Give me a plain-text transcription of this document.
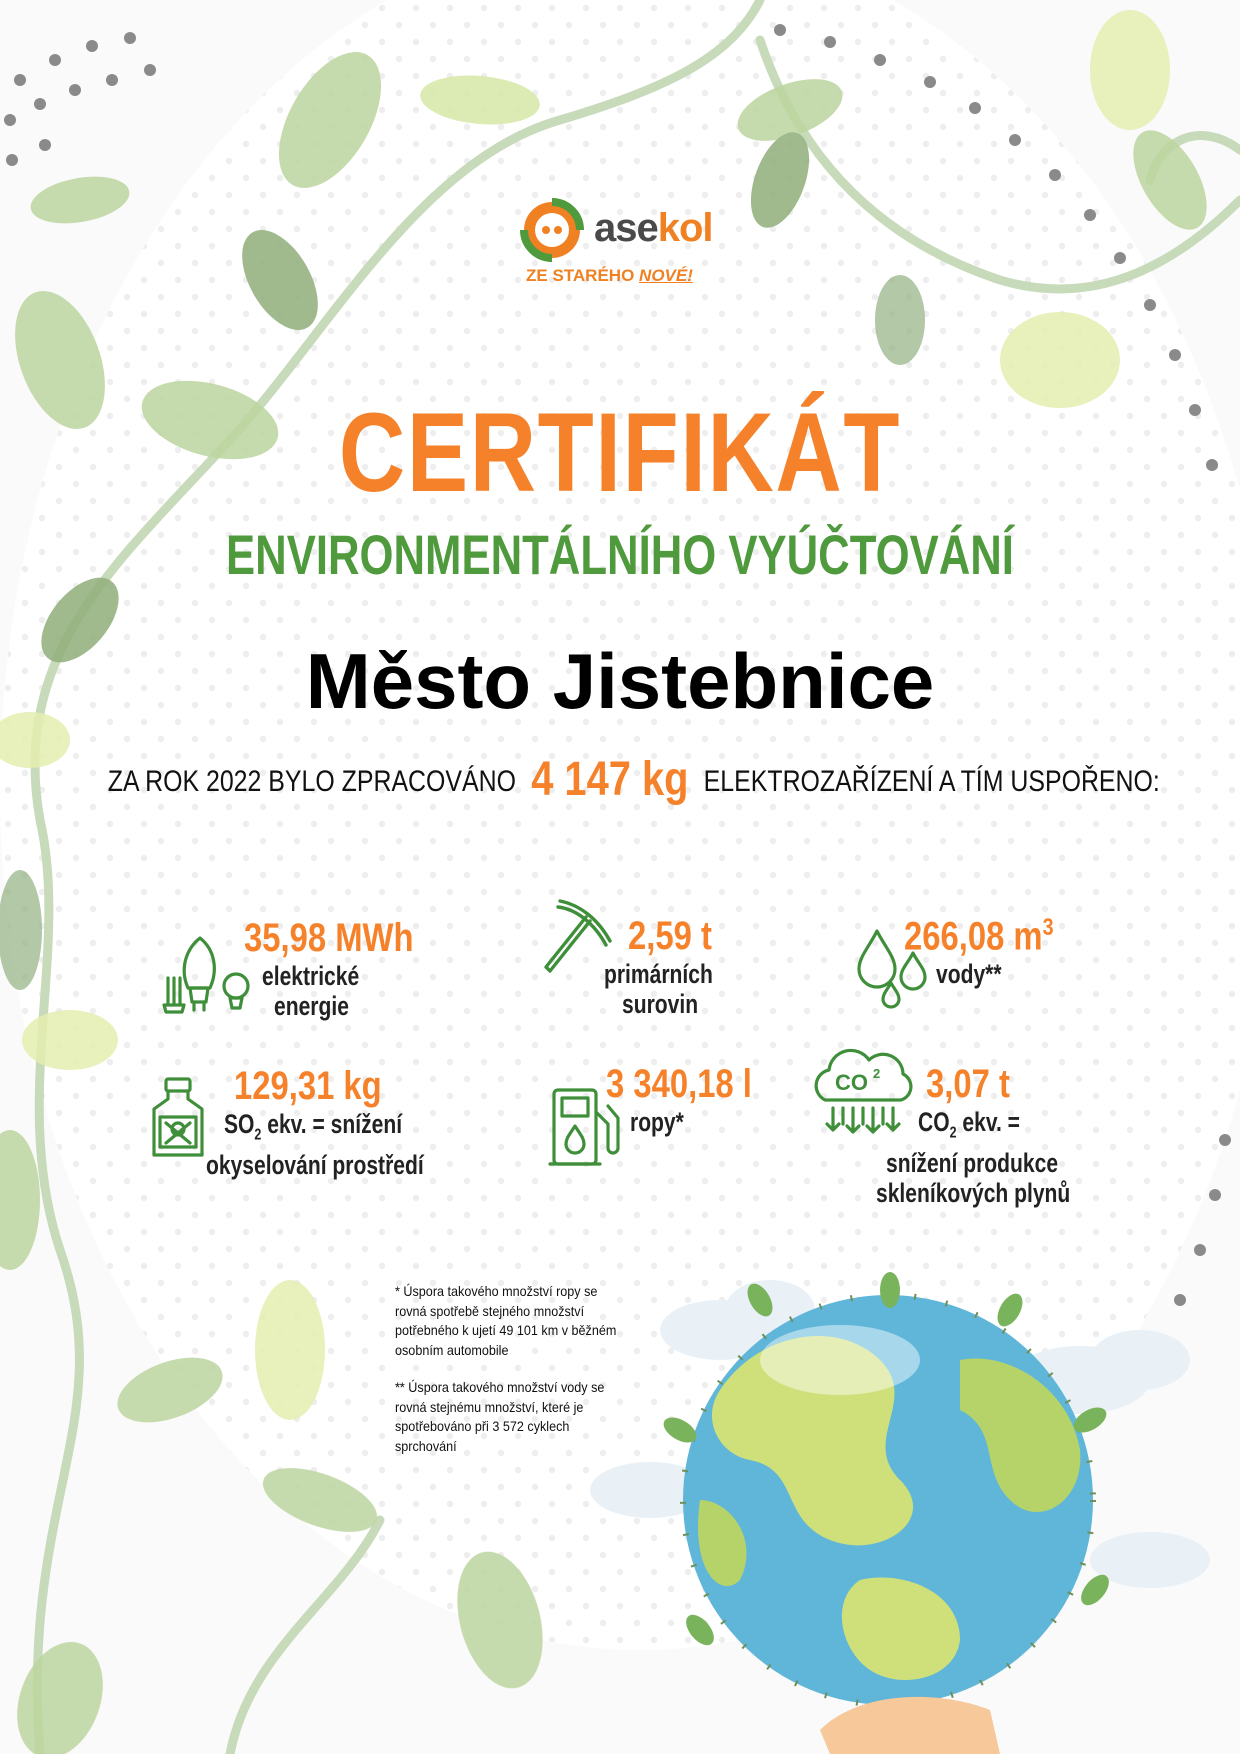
asekol
ZE STARÉHO NOVÉ!
CERTIFIKÁT
ENVIRONMENTÁLNÍHO VYÚČTOVÁNÍ
Město Jistebnice
ZA ROK 2022 BYLO ZPRACOVÁNO 4 147 kg ELEKTROZAŘÍZENÍ A TÍM USPOŘENO:
35,98 MWh
elektrické
energie
2,59 t
primárních
surovin
266,08 $m^3$
vody**
129,31 kg
$SO_2$ ekv. = snížení
okyselování prostředí
3 340,18 l
ropy*
CO 2	3,07 t
$CO_2$ ekv. =
snížení produkce
skleníkových plynů

* Úspora takového množství ropy se rovná spotřebě stejného množství potřebného k ujetí 49 101 km v běžném osobním automobile

** Úspora takového množství vody se rovná stejnému množství, které je spotřebováno při 3 572 cyklech sprchování
